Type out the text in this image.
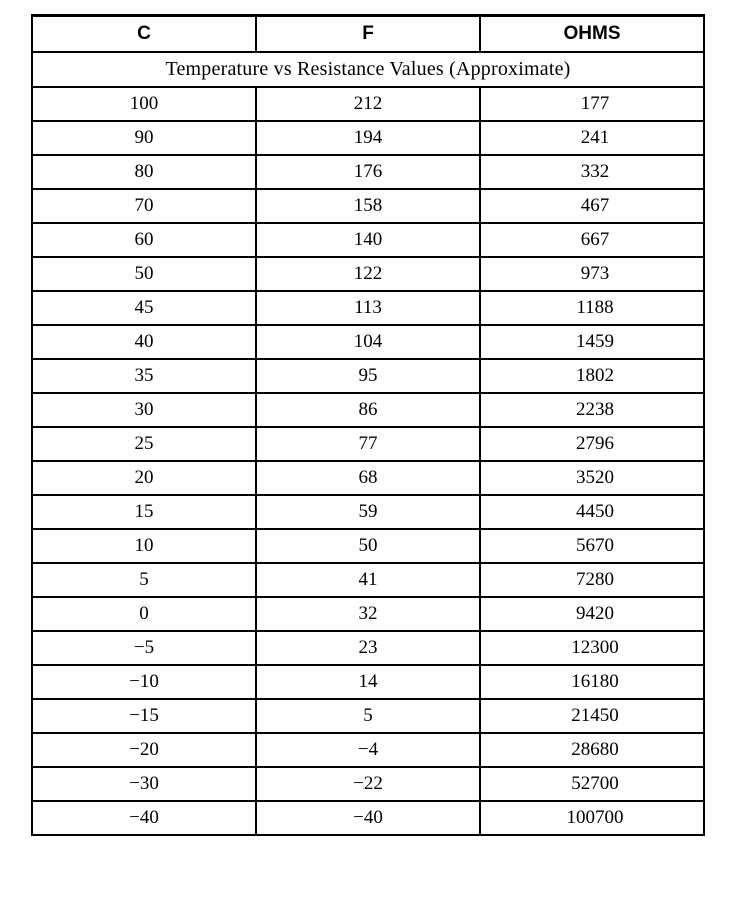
C	F	OHMS
Temperature vs Resistance Values (Approximate)		
100	212	177
90	194	241
80	176	332
70	158	467
60	140	667
50	122	973
45	113	1188
40	104	1459
35	95	1802
30	86	2238
25	77	2796
20	68	3520
15	59	4450
10	50	5670
5	41	7280
0	32	9420
−5	23	12300
−10	14	16180
−15	5	21450
−20	−4	28680
−30	−22	52700
−40	−40	100700
